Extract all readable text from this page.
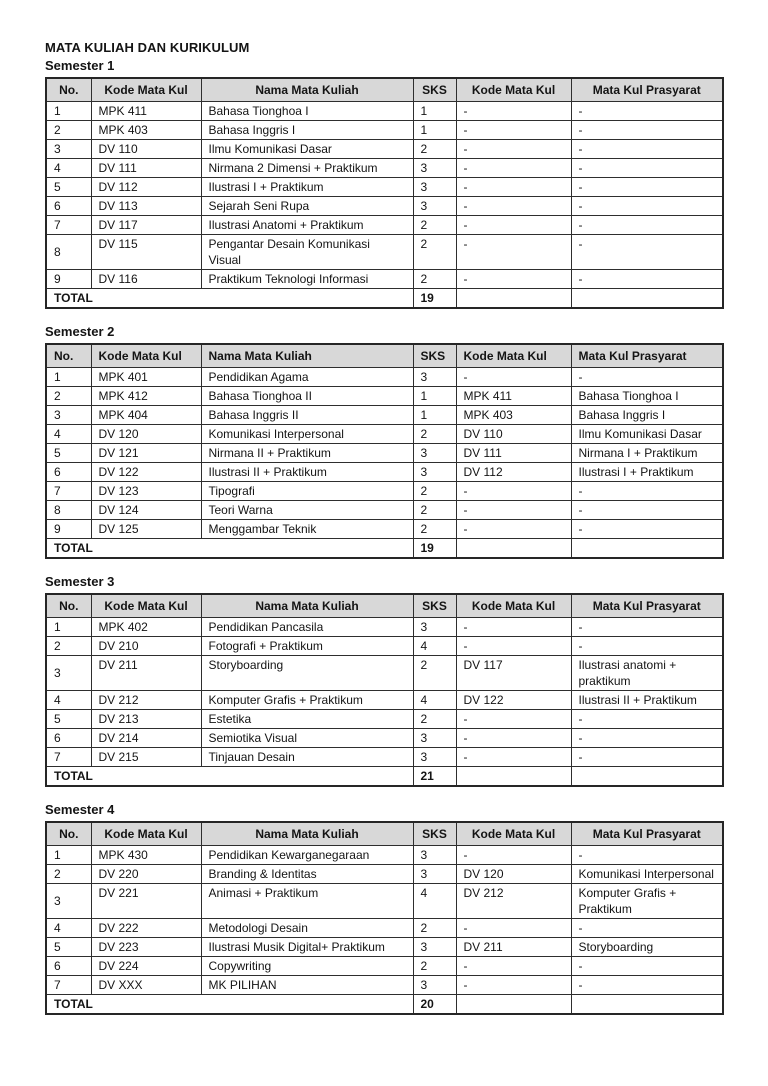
MATA KULIAH DAN KURIKULUM
Semester 1
No.	Kode Mata Kul	Nama Mata Kuliah	SKS	Kode Mata Kul	Mata Kul Prasyarat
1	MPK 411	Bahasa Tionghoa I	1	-	-
2	MPK 403	Bahasa Inggris I	1	-	-
3	DV 110	Ilmu Komunikasi Dasar	2	-	-
4	DV 111	Nirmana 2 Dimensi + Praktikum	3	-	-
5	DV 112	Ilustrasi I + Praktikum	3	-	-
6	DV 113	Sejarah Seni Rupa	3	-	-
7	DV 117	Ilustrasi Anatomi + Praktikum	2	-	-
8	DV 115	Pengantar Desain Komunikasi Visual	2	-	-
9	DV 116	Praktikum Teknologi Informasi	2	-	-
TOTAL			19		
Semester 2
No.	Kode Mata Kul	Nama Mata Kuliah	SKS	Kode Mata Kul	Mata Kul Prasyarat
1	MPK 401	Pendidikan Agama	3	-	-
2	MPK 412	Bahasa Tionghoa II	1	MPK 411	Bahasa Tionghoa I
3	MPK 404	Bahasa Inggris II	1	MPK 403	Bahasa Inggris I
4	DV 120	Komunikasi Interpersonal	2	DV 110	Ilmu Komunikasi Dasar
5	DV 121	Nirmana II + Praktikum	3	DV 111	Nirmana I + Praktikum
6	DV 122	Ilustrasi II + Praktikum	3	DV 112	Ilustrasi I + Praktikum
7	DV 123	Tipografi	2	-	-
8	DV 124	Teori Warna	2	-	-
9	DV 125	Menggambar Teknik	2	-	-
TOTAL			19		
Semester 3
No.	Kode Mata Kul	Nama Mata Kuliah	SKS	Kode Mata Kul	Mata Kul Prasyarat
1	MPK 402	Pendidikan Pancasila	3	-	-
2	DV 210	Fotografi + Praktikum	4	-	-
3	DV 211	Storyboarding	2	DV 117	Ilustrasi anatomi + praktikum
4	DV 212	Komputer Grafis + Praktikum	4	DV 122	Ilustrasi II + Praktikum
5	DV 213	Estetika	2	-	-
6	DV 214	Semiotika Visual	3	-	-
7	DV 215	Tinjauan Desain	3	-	-
TOTAL			21		
Semester 4
No.	Kode Mata Kul	Nama Mata Kuliah	SKS	Kode Mata Kul	Mata Kul Prasyarat
1	MPK 430	Pendidikan Kewarganegaraan	3	-	-
2	DV 220	Branding & Identitas	3	DV 120	Komunikasi Interpersonal
3	DV 221	Animasi + Praktikum	4	DV 212	Komputer Grafis + Praktikum
4	DV 222	Metodologi Desain	2	-	-
5	DV 223	Ilustrasi Musik Digital+ Praktikum	3	DV 211	Storyboarding
6	DV 224	Copywriting	2	-	-
7	DV XXX	MK PILIHAN	3	-	-
TOTAL			20		
